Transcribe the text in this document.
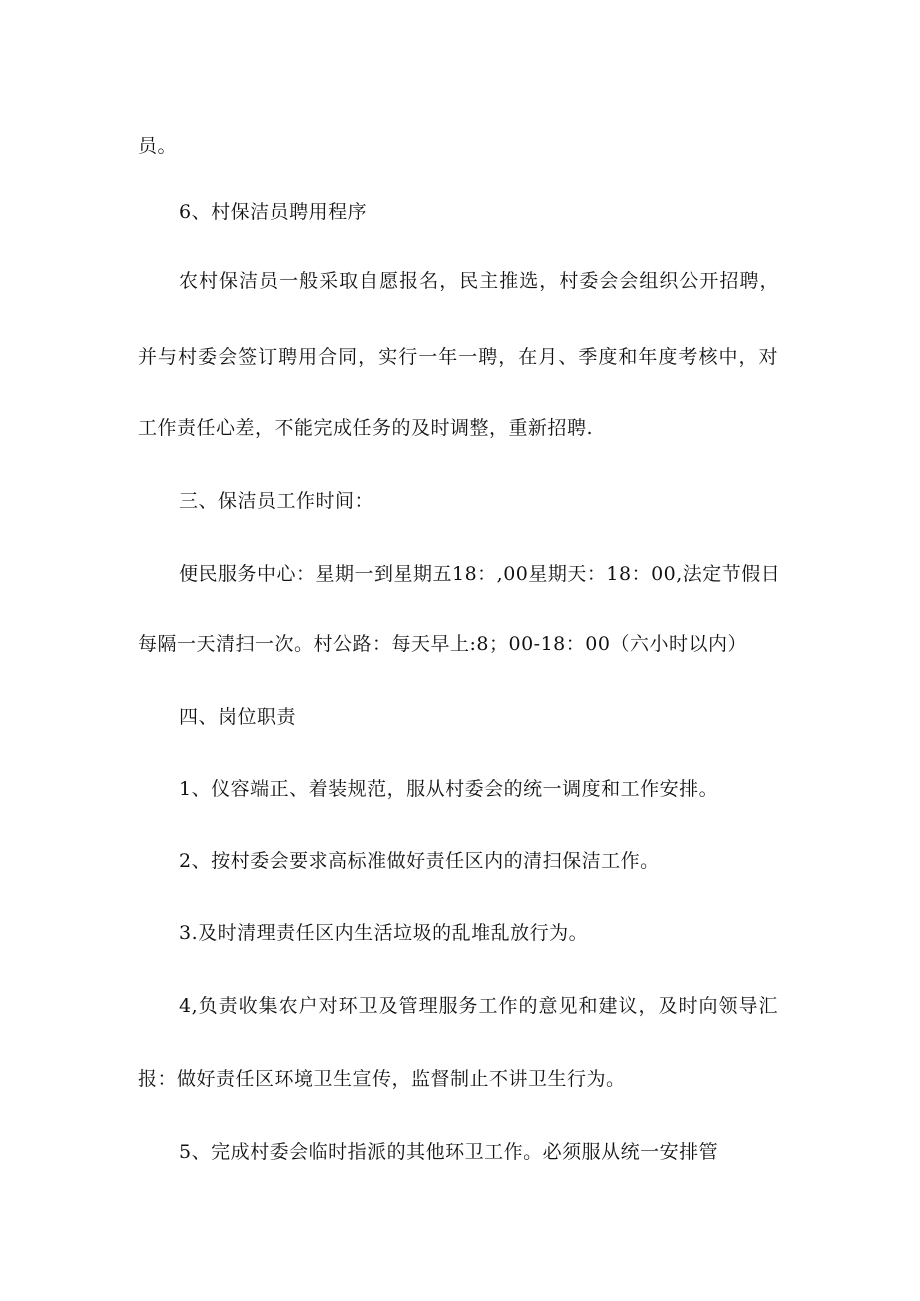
员。
6、村保洁员聘用程序
农村保洁员一般采取自愿报名，民主推选，村委会会组织公开招聘，
并与村委会签订聘用合同，实行一年一聘，在月、季度和年度考核中，对
工作责任心差，不能完成任务的及时调整，重新招聘.
三、保洁员工作时间：
便民服务中心：星期一到星期五18：,00星期天：18：00,法定节假日
每隔一天清扫一次。村公路：每天早上:8；00-18：00（六小时以内）
四、岗位职责
1、仪容端正、着装规范，服从村委会的统一调度和工作安排。
2、按村委会要求高标准做好责任区内的清扫保洁工作。
3.及时清理责任区内生活垃圾的乱堆乱放行为。
4,负责收集农户对环卫及管理服务工作的意见和建议，及时向领导汇
报：做好责任区环境卫生宣传，监督制止不讲卫生行为。
5、完成村委会临时指派的其他环卫工作。必须服从统一安排管
